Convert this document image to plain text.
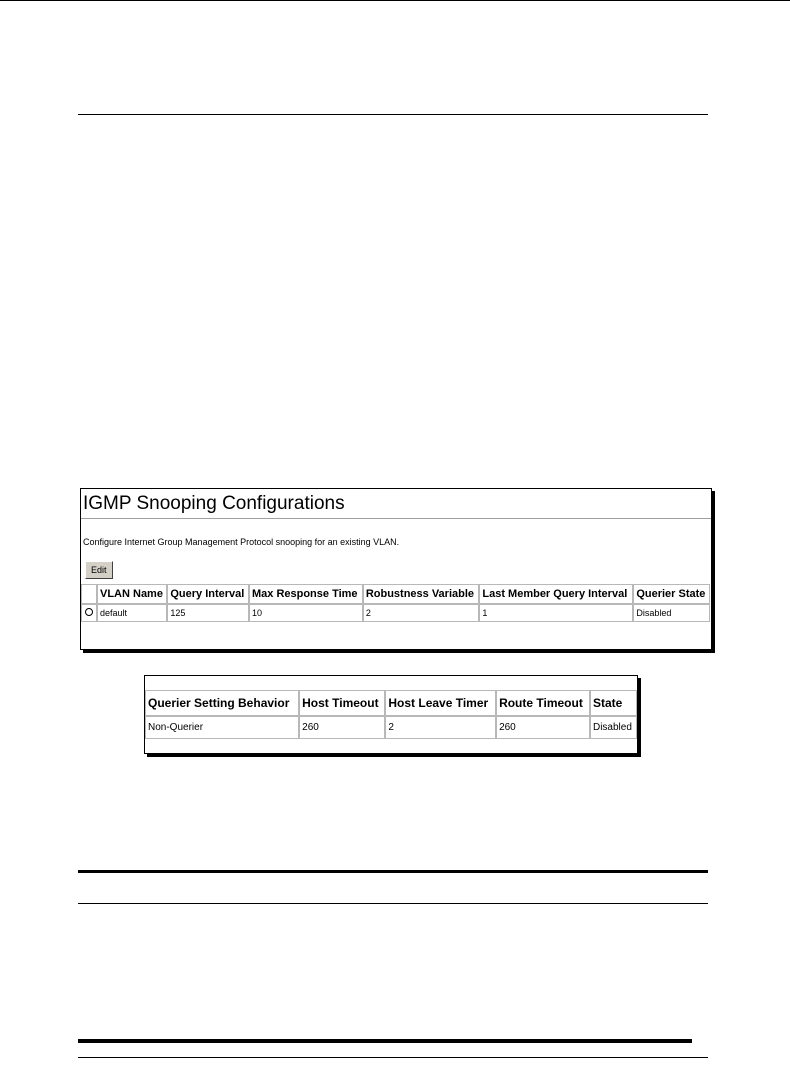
IGMP Snooping Configurations
Configure Internet Group Management Protocol snooping for an existing VLAN.
Edit
	VLAN Name	Query Interval	Max Response Time	Robustness Variable	Last Member Query Interval	Querier State
	default	125	10	2	1	Disabled
Querier Setting Behavior	Host Timeout	Host Leave Timer	Route Timeout	State
Non-Querier	260	2	260	Disabled
